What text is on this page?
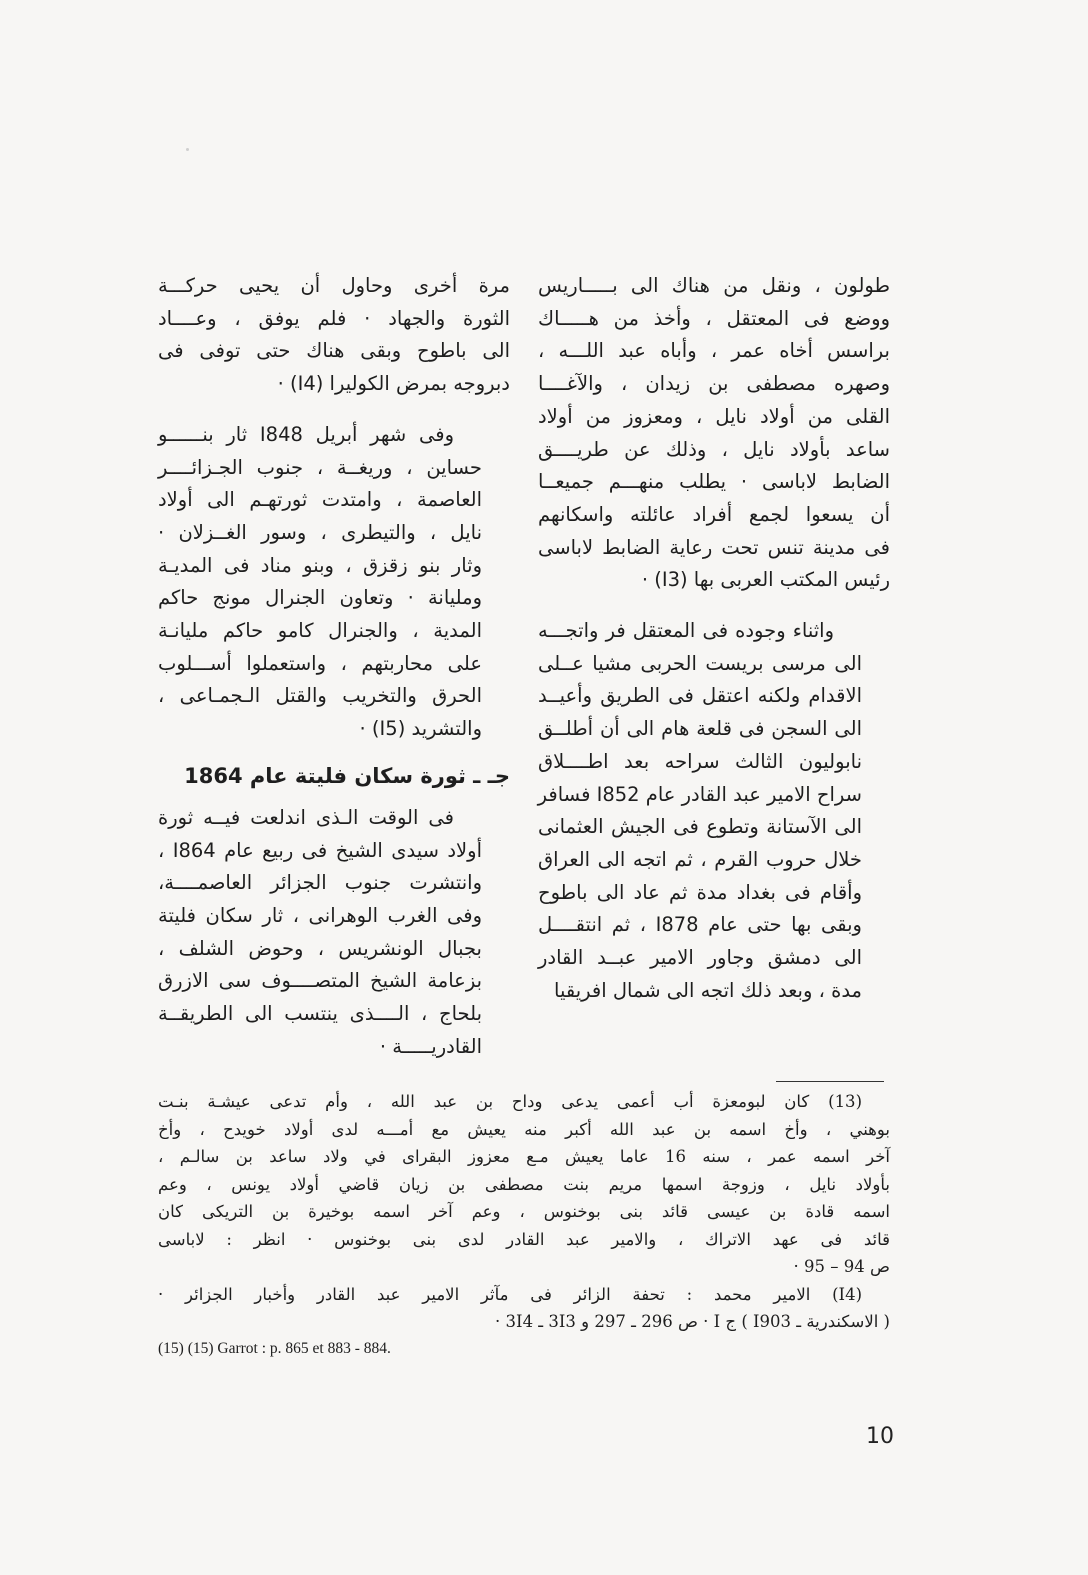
طولون ، ونقل من هناك الى بـــــاريس
ووضع فى المعتقل ، وأخذ من هـــــاك
براسس أخاه عمر ، وأباه عبد اللـــه ،
وصهره مصطفى بن زيدان ، والآغــــا
القلى من أولاد نايل ، ومعزوز من أولاد
ساعد بأولاد نايل ، وذلك عن طريــــق
الضابط لاباسى · يطلب منهـــم جميعــا
أن يسعوا لجمع أفراد عائلته واسكانهم
فى مدينة تنس تحت رعاية الضابط لاباسى
رئيس المكتب العربى بها (I3) ·
واثناء وجوده فى المعتقل فر واتجـــه
الى مرسى بريست الحربى مشيا عــلى
الاقدام ولكنه اعتقل فى الطريق وأعيــد
الى السجن فى قلعة هام الى أن أطلــق
نابوليون الثالث سراحه بعد اطــــلاق
سراح الامير عبد القادر عام I852 فسافر
الى الآستانة وتطوع فى الجيش العثمانى
خلال حروب القرم ، ثم اتجه الى العراق
وأقام فى بغداد مدة ثم عاد الى باطوح
وبقى بها حتى عام I878 ، ثم انتقــــل
الى دمشق وجاور الامير عبــد القادر
مدة ، وبعد ذلك اتجه الى شمال افريقيا
مرة أخرى وحاول أن يحيى حركـــة
الثورة والجهاد · فلم يوفق ، وعــــاد
الى باطوح وبقى هناك حتى توفى فى
دبروجه بمرض الكوليرا (I4) ·
وفى شهر أبريل I848 ثار بنــــــو
حساين ، وريغــة ، جنوب الجـزائــــر
العاصمة ، وامتدت ثورتهـم الى أولاد
نايل ، والتيطرى ، وسور الغــزلان ·
وثار بنو زقزق ، وبنو مناد فى المديـة
ومليانة · وتعاون الجنرال مونج حاكم
المدية ، والجنرال كامو حاكم مليانـة
على محاربتهم ، واستعملوا أســـلوب
الحرق والتخريب والقتل الـجمـاعى ،
والتشريد (I5) ·
جـ ـ ثورة سكان فليتة عام 1864
فى الوقت الـذى اندلعت فيــه ثورة
أولاد سيدى الشيخ فى ربيع عام I864 ،
وانتشرت جنوب الجزائر العاصمــــة،
وفى الغرب الوهرانى ، ثار سكان فليتة
بجبال الونشريس ، وحوض الشلف ،
بزعامة الشيخ المتصــــوف سى الازرق
بلحاج ، الــــذى ينتسب الى الطريقــة
القادريـــــة ·
(13) كان لبومعزة أب أعمى يدعى وداح بن عبد الله ، وأم تدعى عيشـة بنـت
بوهني ، وأخ اسمه بن عبد الله أكبر منه يعيش مع أمـــه لدى أولاد خويدح ، وأخ
آخر اسمه عمر ، سنه 16 عاما يعيش مـع معزوز البقراى في ولاد ساعد بن سالـم ،
بأولاد نايل ، وزوجة اسمها مريم بنت مصطفى بن زيان قاضي أولاد يونس ، وعم
اسمه قادة بن عيسى قائد بنى بوخنوس ، وعم آخر اسمه بوخيرة بن التريكى كان
قائد فى عهد الاتراك ، والامير عبد القادر لدى بنى بوخنوس · انظر : لاباسى
ص 94 – 95 ·
(I4) الامير محمد : تحفة الزائر فى مآثر الامير عبد القادر وأخبار الجزائر ·
( الاسكندرية ـ I903 ) ج I · ص 296 ـ 297 و 3I3 ـ 3I4 ·
(15) (15) Garrot : p. 865 et 883 - 884.
10
